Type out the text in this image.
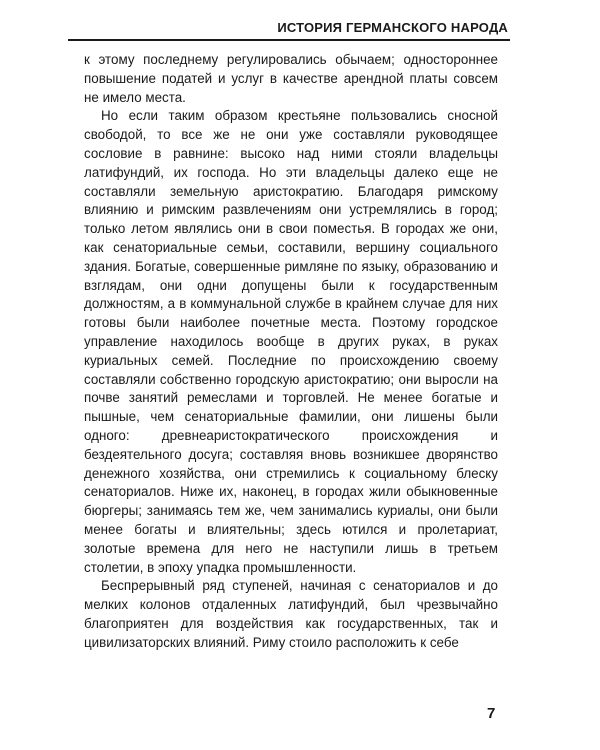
ИСТОРИЯ ГЕРМАНСКОГО НАРОДА

к этому последнему регулировались обычаем; одностороннее повышение податей и услуг в качестве арендной платы совсем не имело места.

Но если таким образом крестьяне пользовались сносной свободой, то все же не они уже составляли руководящее сословие в равнине: высоко над ними стояли владельцы латифундий, их господа. Но эти владельцы далеко еще не составляли земельную аристократию. Благодаря римскому влиянию и римским развлечениям они устремлялись в город; только летом являлись они в свои поместья. В городах же они, как сенаториальные семьи, составили, вершину социального здания. Богатые, совершенные римляне по языку, образованию и взглядам, они одни допущены были к государственным должностям, а в коммунальной службе в крайнем случае для них готовы были наиболее почетные места. Поэтому городское управление находилось вообще в других руках, в руках куриальных семей. Последние по происхождению своему составляли собственно городскую аристократию; они выросли на почве занятий ремеслами и торговлей. Не менее богатые и пышные, чем сенаториальные фамилии, они лишены были одного: древнеаристократического происхождения и бездеятельного досуга; составляя вновь возникшее дворянство денежного хозяйства, они стремились к социальному блеску сенаториалов. Ниже их, наконец, в городах жили обыкновенные бюргеры; занимаясь тем же, чем занимались куриалы, они были менее богаты и влиятельны; здесь ютился и пролетариат, золотые времена для него не наступили лишь в третьем столетии, в эпоху упадка промышленности.

Беспрерывный ряд ступеней, начиная с сенаториалов и до мелких колонов отдаленных латифундий, был чрезвычайно благоприятен для воздействия как государственных, так и цивилизаторских влияний. Риму стоило расположить к себе

7
